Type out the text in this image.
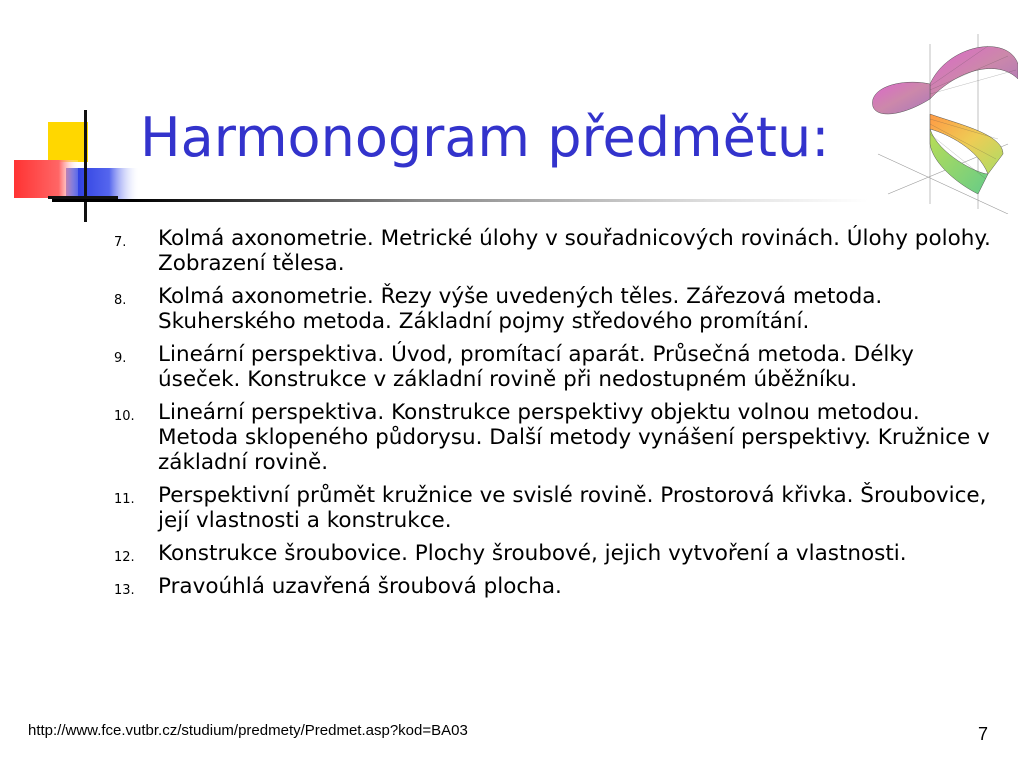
Harmonogram předmětu:
7.	Kolmá axonometrie. Metrické úlohy v souřadnicových rovinách. Úlohy polohy. Zobrazení tělesa.
8.	Kolmá axonometrie. Řezy výše uvedených těles. Zářezová metoda. Skuherského metoda. Základní pojmy středového promítání.
9.	Lineární perspektiva. Úvod, promítací aparát. Průsečná metoda. Délky úseček. Konstrukce v základní rovině při nedostupném úběžníku.
10.	Lineární perspektiva. Konstrukce perspektivy objektu volnou metodou. Metoda sklopeného půdorysu. Další metody vynášení perspektivy. Kružnice v základní rovině.
11.	Perspektivní průmět kružnice ve svislé rovině. Prostorová křivka. Šroubovice, její vlastnosti a konstrukce.
12.	Konstrukce šroubovice. Plochy šroubové, jejich vytvoření a vlastnosti.
13.	Pravoúhlá uzavřená šroubová plocha.
http://www.fce.vutbr.cz/studium/predmety/Predmet.asp?kod=BA03	7
